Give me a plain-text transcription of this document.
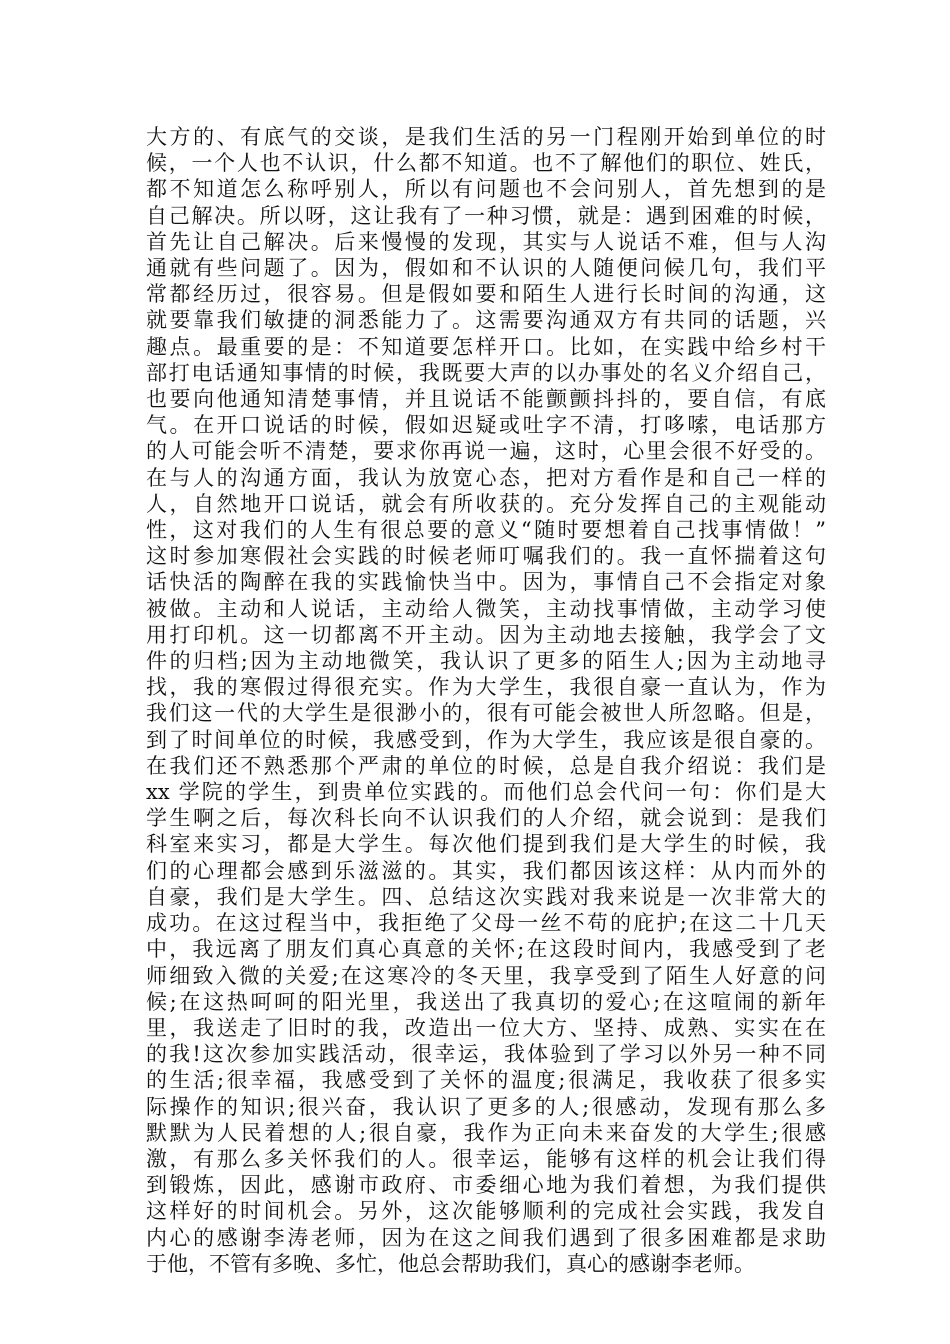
大方的、有底气的交谈，是我们生活的另一门程刚开始到单位的时
候，一个人也不认识，什么都不知道。也不了解他们的职位、姓氏，
都不知道怎么称呼别人，所以有问题也不会问别人，首先想到的是
自己解决。所以呀，这让我有了一种习惯，就是：遇到困难的时候，
首先让自己解决。后来慢慢的发现，其实与人说话不难，但与人沟
通就有些问题了。因为，假如和不认识的人随便问候几句，我们平
常都经历过，很容易。但是假如要和陌生人进行长时间的沟通，这
就要靠我们敏捷的洞悉能力了。这需要沟通双方有共同的话题，兴
趣点。最重要的是：不知道要怎样开口。比如，在实践中给乡村干
部打电话通知事情的时候，我既要大声的以办事处的名义介绍自己，
也要向他通知清楚事情，并且说话不能颤颤抖抖的，要自信，有底
气。在开口说话的时候，假如迟疑或吐字不清，打哆嗦，电话那方
的人可能会听不清楚，要求你再说一遍，这时，心里会很不好受的。
在与人的沟通方面，我认为放宽心态，把对方看作是和自己一样的
人，自然地开口说话，就会有所收获的。充分发挥自己的主观能动
性，这对我们的人生有很总要的意义“随时要想着自己找事情做！”
这时参加寒假社会实践的时候老师叮嘱我们的。我一直怀揣着这句
话快活的陶醉在我的实践愉快当中。因为，事情自己不会指定对象
被做。主动和人说话，主动给人微笑，主动找事情做，主动学习使
用打印机。这一切都离不开主动。因为主动地去接触，我学会了文
件的归档;因为主动地微笑，我认识了更多的陌生人;因为主动地寻
找，我的寒假过得很充实。作为大学生，我很自豪一直认为，作为
我们这一代的大学生是很渺小的，很有可能会被世人所忽略。但是，
到了时间单位的时候，我感受到，作为大学生，我应该是很自豪的。
在我们还不熟悉那个严肃的单位的时候，总是自我介绍说：我们是
xx 学院的学生，到贵单位实践的。而他们总会代问一句：你们是大
学生啊之后，每次科长向不认识我们的人介绍，就会说到：是我们
科室来实习，都是大学生。每次他们提到我们是大学生的时候，我
们的心理都会感到乐滋滋的。其实，我们都因该这样：从内而外的
自豪，我们是大学生。四、总结这次实践对我来说是一次非常大的
成功。在这过程当中，我拒绝了父母一丝不苟的庇护;在这二十几天
中，我远离了朋友们真心真意的关怀;在这段时间内，我感受到了老
师细致入微的关爱;在这寒冷的冬天里，我享受到了陌生人好意的问
候;在这热呵呵的阳光里，我送出了我真切的爱心;在这喧闹的新年
里，我送走了旧时的我，改造出一位大方、坚持、成熟、实实在在
的我!这次参加实践活动，很幸运，我体验到了学习以外另一种不同
的生活;很幸福，我感受到了关怀的温度;很满足，我收获了很多实
际操作的知识;很兴奋，我认识了更多的人;很感动，发现有那么多
默默为人民着想的人;很自豪，我作为正向未来奋发的大学生;很感
激，有那么多关怀我们的人。很幸运，能够有这样的机会让我们得
到锻炼，因此，感谢市政府、市委细心地为我们着想，为我们提供
这样好的时间机会。另外，这次能够顺利的完成社会实践，我发自
内心的感谢李涛老师，因为在这之间我们遇到了很多困难都是求助
于他，不管有多晚、多忙，他总会帮助我们，真心的感谢李老师。
